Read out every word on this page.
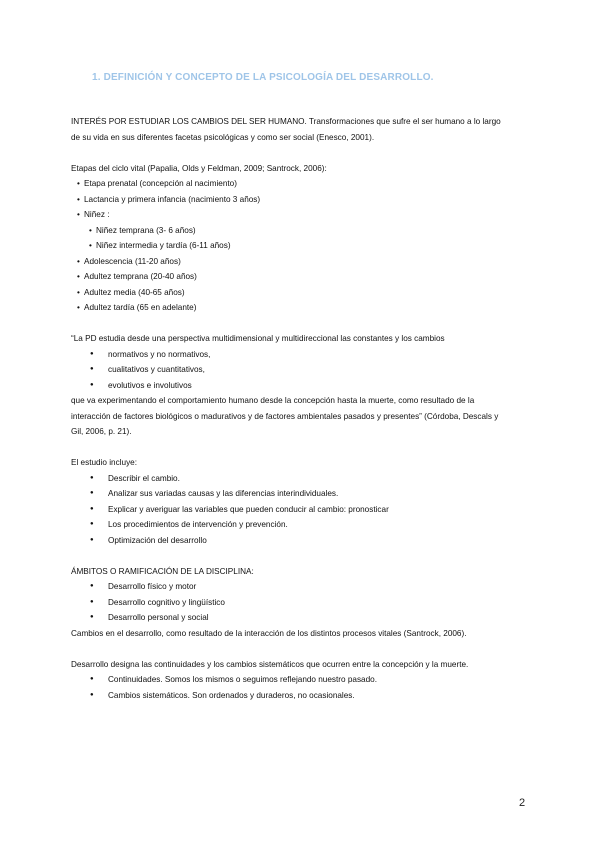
1. DEFINICIÓN Y CONCEPTO DE LA PSICOLOGÍA DEL DESARROLLO.

INTERÉS POR ESTUDIAR LOS CAMBIOS DEL SER HUMANO. Transformaciones que sufre el ser humano a lo largo

de su vida en sus diferentes facetas psicológicas y como ser social (Enesco, 2001).

Etapas del ciclo vital (Papalia, Olds y Feldman, 2009; Santrock, 2006):

• Etapa prenatal (concepción al nacimiento)
• Lactancia y primera infancia (nacimiento 3 años)
• Niñez :
• Niñez temprana (3- 6 años)
• Niñez intermedia y tardía (6-11 años)
• Adolescencia (11-20 años)
• Adultez temprana (20-40 años)
• Adultez media (40-65 años)
• Adultez tardía (65 en adelante)

“La PD estudia desde una perspectiva multidimensional y multidireccional las constantes y los cambios

● normativos y no normativos,
● cualitativos y cuantitativos,
● evolutivos e involutivos

que va experimentando el comportamiento humano desde la concepción hasta la muerte, como resultado de la

interacción de factores biológicos o madurativos y de factores ambientales pasados y presentes” (Córdoba, Descals y

Gil, 2006, p. 21).

El estudio incluye:

● Describir el cambio.
● Analizar sus variadas causas y las diferencias interindividuales.
● Explicar y averiguar las variables que pueden conducir al cambio: pronosticar
● Los procedimientos de intervención y prevención.
● Optimización del desarrollo

ÁMBITOS O RAMIFICACIÓN DE LA DISCIPLINA:

● Desarrollo físico y motor
● Desarrollo cognitivo y lingüístico
● Desarrollo personal y social

Cambios en el desarrollo, como resultado de la interacción de los distintos procesos vitales (Santrock, 2006).

Desarrollo designa las continuidades y los cambios sistemáticos que ocurren entre la concepción y la muerte.

● Continuidades. Somos los mismos o seguimos reflejando nuestro pasado.
● Cambios sistemáticos. Son ordenados y duraderos, no ocasionales.
2
